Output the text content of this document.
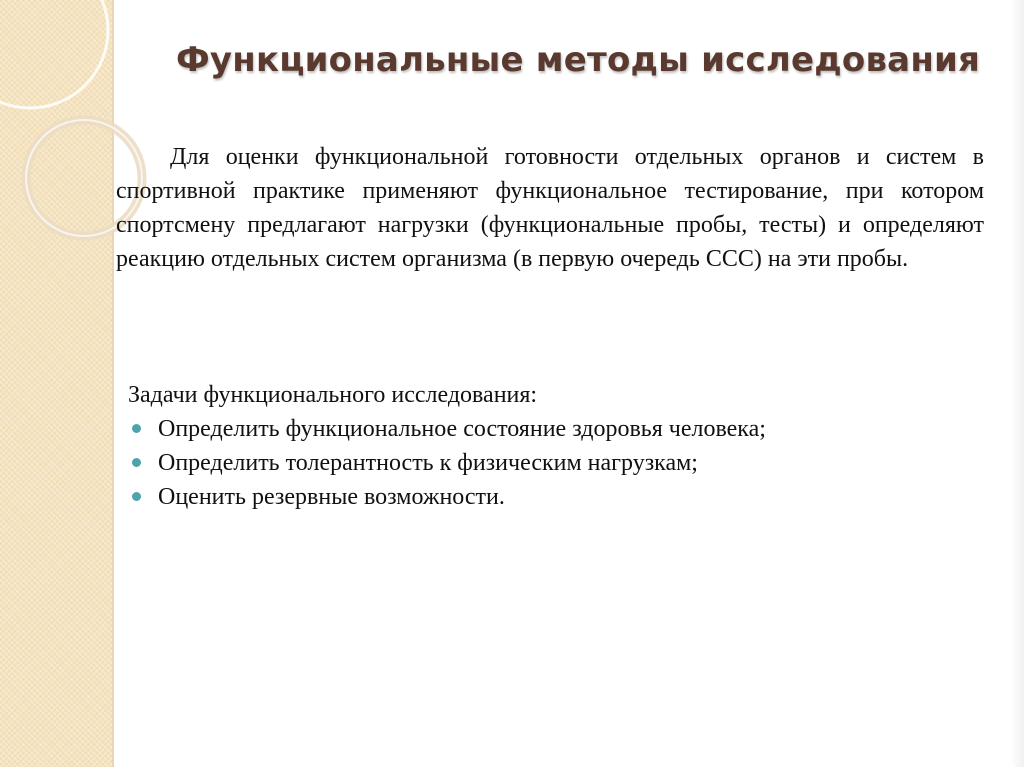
Функциональные методы исследования

Для оценки функциональной готовности отдельных органов и систем в спортивной практике применяют функциональное тестирование, при котором спортсмену предлагают нагрузки (функциональные пробы, тесты) и определяют реакцию отдельных систем организма (в первую очередь ССС) на эти пробы.

Задачи функционального исследования:

Определить функциональное состояние здоровья человека;
Определить толерантность к физическим нагрузкам;
Оценить резервные возможности.
